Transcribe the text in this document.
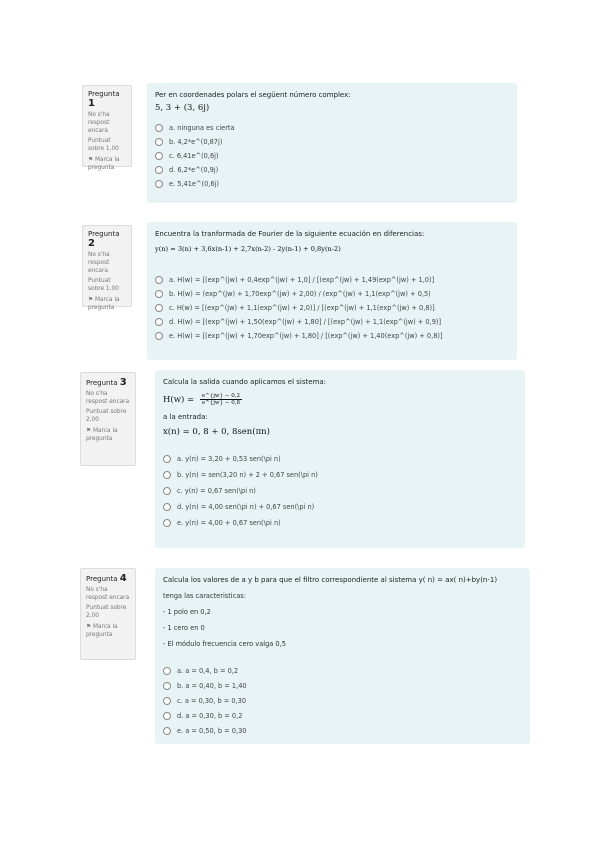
Pregunta 1
No s'ha respost encara
Puntuat sobre 1,00
⚑ Marca la pregunta
Per en coordenades polars el següent número complex:
5, 3 + (3, 6j)
a. ninguna es cierta
b. 4,2*e^(0,87j)
c. 6,41e^(0,6j)
d. 6,2*e^(0,9j)
e. 5,41e^(0,6j)
Pregunta 2
No s'ha respost encara
Puntuat sobre 1,00
⚑ Marca la pregunta
Encuentra la tranformada de Fourier de la siguiente ecuación en diferencias:
y(n) = 3(n) + 3,6x(n-1) + 2,7x(n-2) - 2y(n-1) + 0,8y(n-2)
a. H(w) = [(exp^(jw) + 0,4exp^(jw) + 1,0] / [(exp^(jw) + 1,49(exp^(jw) + 1,0)]
b. H(w) = (exp^(jw) + 1,70exp^(jw) + 2,00) / (exp^(jw) + 1,1(exp^(jw) + 0,5)
c. H(w) = [(exp^(jw) + 1,1(exp^(jw) + 2,0)] / [(exp^(jw) + 1,1(exp^(jw) + 0,8)]
d. H(w) = [(exp^(jw) + 1,50(exp^(jw) + 1,80] / [(exp^(jw) + 1,1(exp^(jw) + 0,9)]
e. H(w) = [(exp^(jw) + 1,70exp^(jw) + 1,80] / [(exp^(jw) + 1,40(exp^(jw) + 0,8)]
Pregunta 3
No s'ha respost encara
Puntuat sobre 2,00
⚑ Marca la pregunta
Calcula la salida cuando aplicamos el sistema:
$H(w) = \frac{e\^{}\{jw\} - 0,2}{e\^{}\{jw\} - 0,8}$
a la entrada:
x(n) = 0, 8 + 0, 8sen(πn)
a. y(n) = 3,20 + 0,53 sen(\pi n)
b. y(n) = sen(3,20 n) + 2 + 0,67 sen(\pi n)
c. y(n) = 0,67 sen(\pi n)
d. y(n) = 4,00 sen(\pi n) + 0,67 sen(\pi n)
e. y(n) = 4,00 + 0,67 sen(\pi n)
Pregunta 4
No s'ha respost encara
Puntuat sobre 2,00
⚑ Marca la pregunta
Calcula los valores de a y b para que el filtro correspondiente al sistema y( n) = ax( n)+by(n-1)
tenga las caracteristicas:
- 1 polo en 0,2
- 1 cero en 0
- El módulo frecuencia cero valga 0,5
a. a = 0,4, b = 0,2
b. a = 0,40, b = 1,40
c. a = 0,30, b = 0,30
d. a = 0,30, b = 0,2
e. a = 0,50, b = 0,30
